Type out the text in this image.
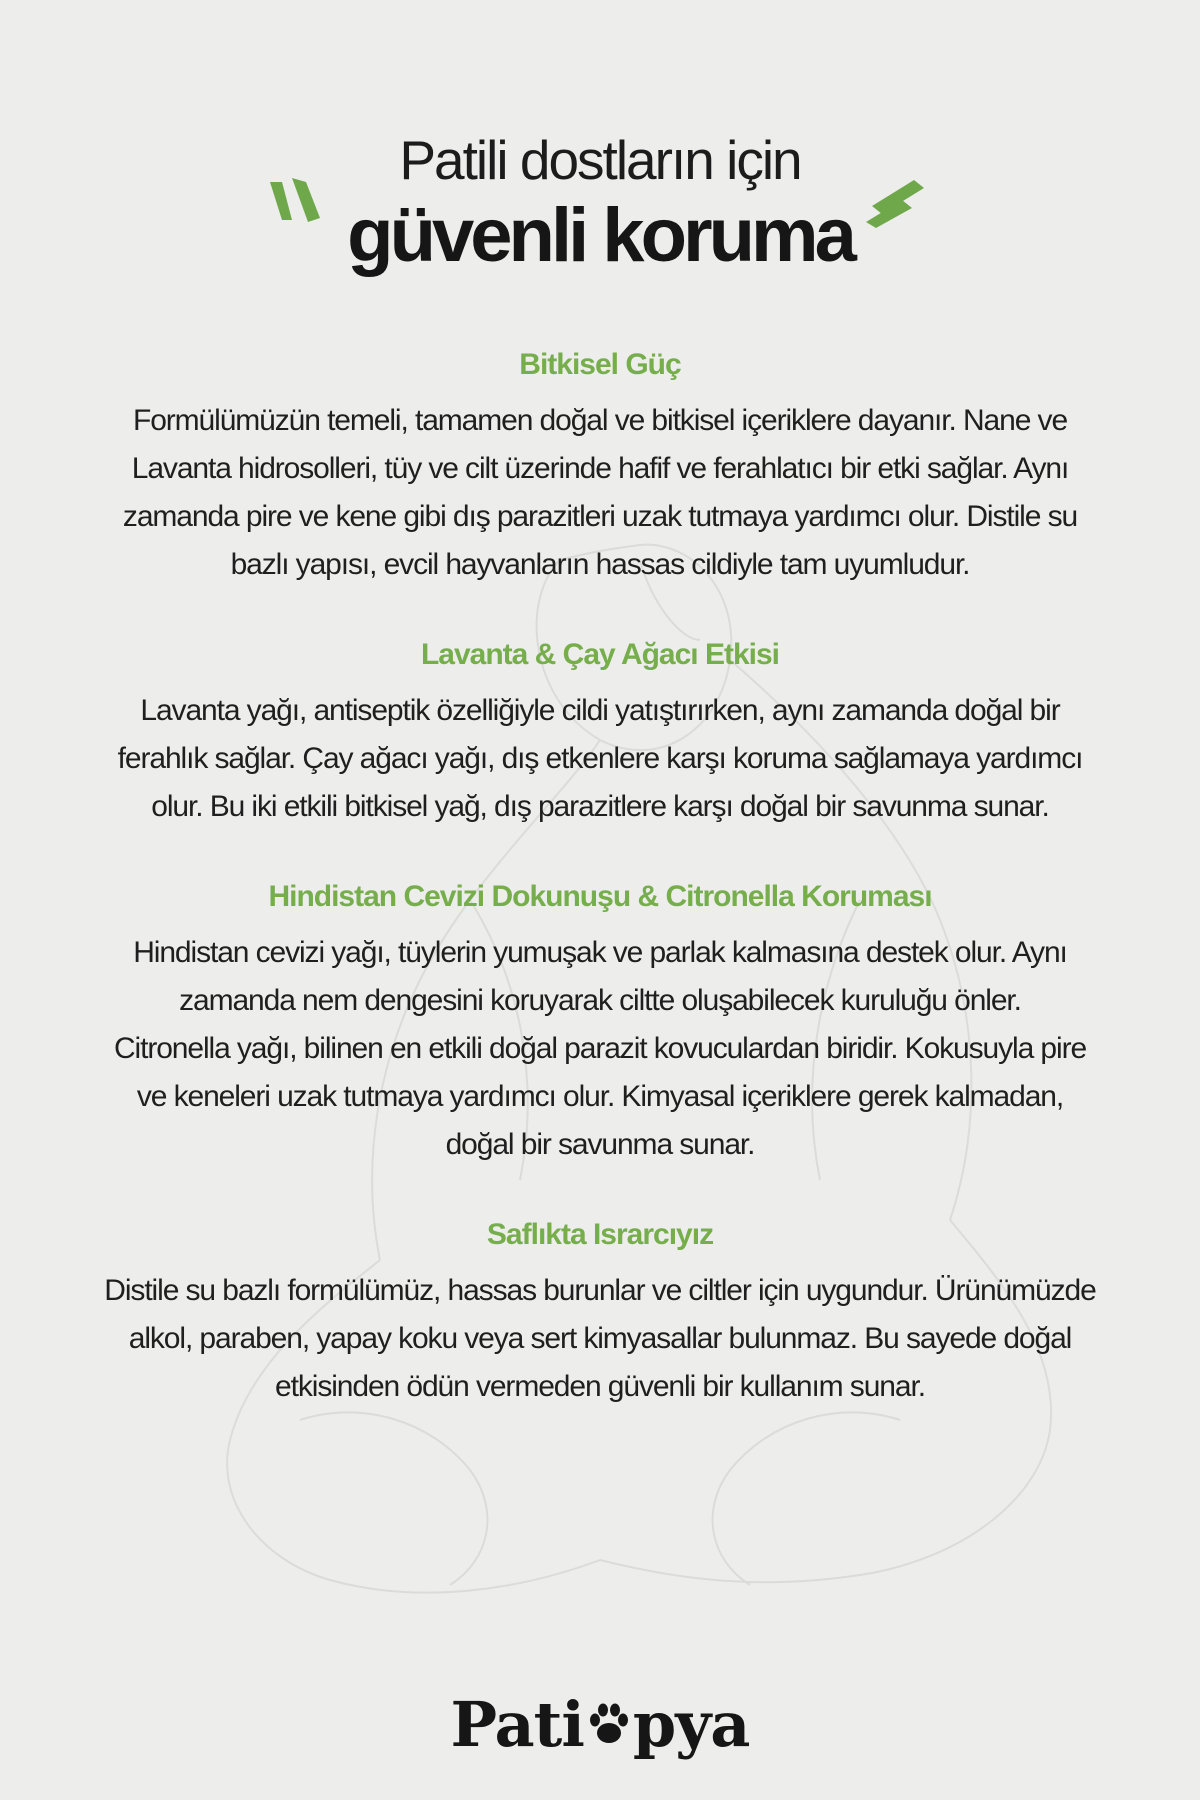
Patili dostların için
güvenli koruma
Bitkisel Güç

Formülümüzün temeli, tamamen doğal ve bitkisel içeriklere dayanır. Nane ve Lavanta hidrosolleri, tüy ve cilt üzerinde hafif ve ferahlatıcı bir etki sağlar. Aynı zamanda pire ve kene gibi dış parazitleri uzak tutmaya yardımcı olur. Distile su bazlı yapısı, evcil hayvanların hassas cildiyle tam uyumludur.

Lavanta & Çay Ağacı Etkisi

Lavanta yağı, antiseptik özelliğiyle cildi yatıştırırken, aynı zamanda doğal bir ferahlık sağlar. Çay ağacı yağı, dış etkenlere karşı koruma sağlamaya yardımcı olur. Bu iki etkili bitkisel yağ, dış parazitlere karşı doğal bir savunma sunar.

Hindistan Cevizi Dokunuşu & Citronella Koruması

Hindistan cevizi yağı, tüylerin yumuşak ve parlak kalmasına destek olur. Aynı zamanda nem dengesini koruyarak ciltte oluşabilecek kuruluğu önler.

Citronella yağı, bilinen en etkili doğal parazit kovuculardan biridir. Kokusuyla pire ve keneleri uzak tutmaya yardımcı olur. Kimyasal içeriklere gerek kalmadan, doğal bir savunma sunar.

Saflıkta Israrcıyız

Distile su bazlı formülümüz, hassas burunlar ve ciltler için uygundur. Ürünümüzde alkol, paraben, yapay koku veya sert kimyasallar bulunmaz. Bu sayede doğal etkisinden ödün vermeden güvenli bir kullanım sunar.

Pati pya
